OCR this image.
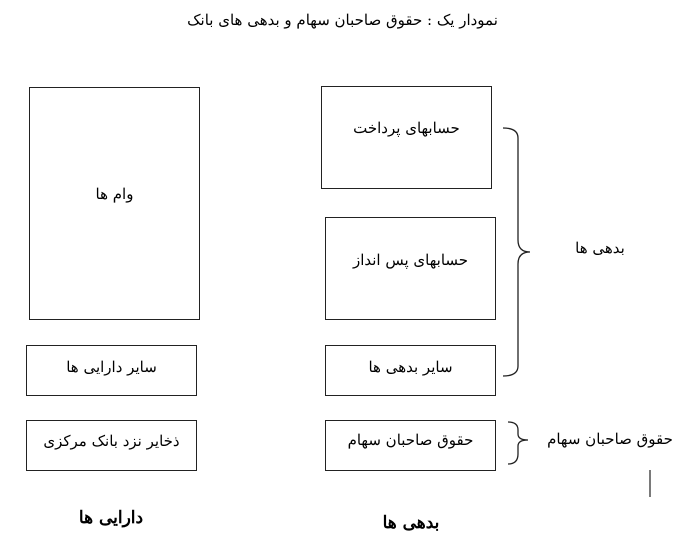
نمودار یک : حقوق صاحبان سهام و بدهی های بانک
وام ها
سایر دارایی ها
ذخایر نزد بانک مرکزی
حسابهای پرداخت
حسابهای پس انداز
سایر بدهی ها
حقوق صاحبان سهام
بدهی ها
حقوق صاحبان سهام
دارایی ها	بدهی ها
